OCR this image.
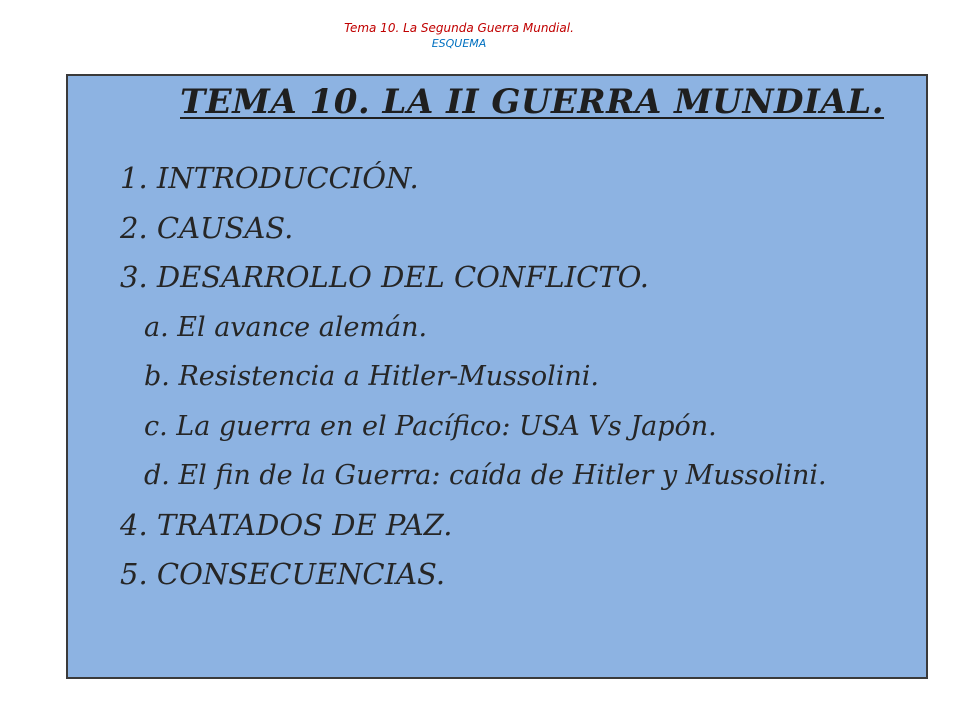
Tema 10. La Segunda Guerra Mundial.
ESQUEMA
TEMA 10. LA II GUERRA MUNDIAL.
1. INTRODUCCIÓN.
2. CAUSAS.
3. DESARROLLO DEL CONFLICTO.
a. El avance alemán.
b. Resistencia a Hitler-Mussolini.
c. La guerra en el Pacífico: USA Vs Japón.
d. El fin de la Guerra: caída de Hitler y Mussolini.
4. TRATADOS DE PAZ.
5. CONSECUENCIAS.
